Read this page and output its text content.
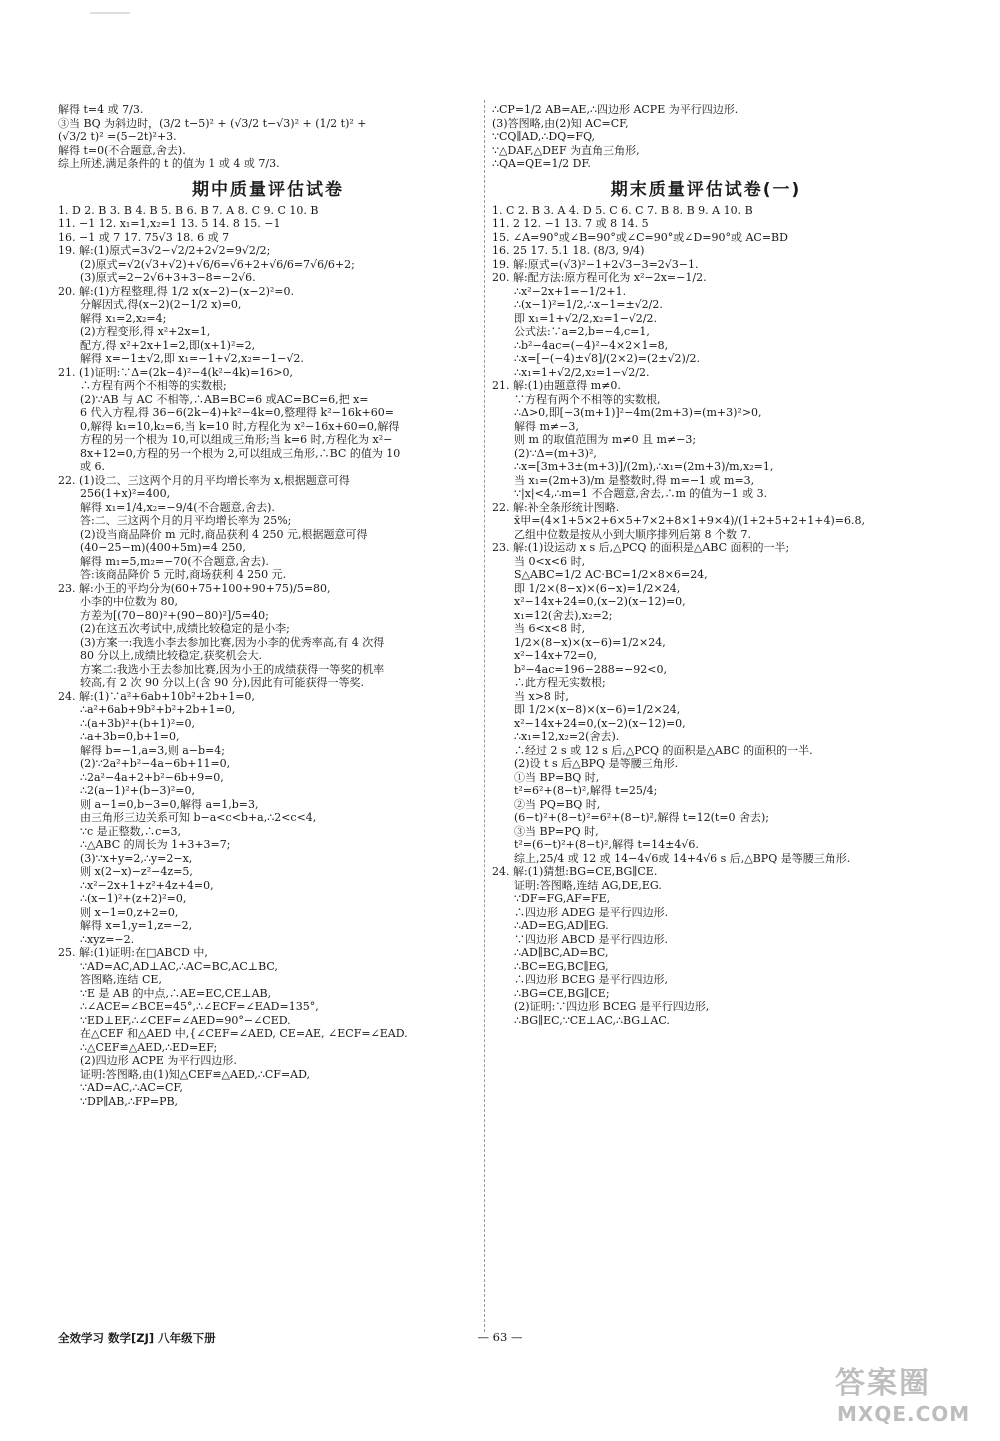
解得 t=4 或 7/3.
③当 BQ 为斜边时，(3/2 t−5)² + (√3/2 t−√3)² + (1/2 t)² +
(√3/2 t)² =(5−2t)²+3.
解得 t=0(不合题意,舍去).
综上所述,满足条件的 t 的值为 1 或 4 或 7/3.
期中质量评估试卷
1. D 2. B 3. B 4. B 5. B 6. B 7. A 8. C 9. C 10. B
11. −1 12. x₁=1,x₂=1 13. 5 14. 8 15. −1
16. −1 或 7 17. 75√3 18. 6 或 7
19. 解:(1)原式=3√2−√2/2+2√2=9√2/2;
(2)原式=√2(√3+√2)+√6/6=√6+2+√6/6=7√6/6+2;
(3)原式=2−2√6+3+3−8=−2√6.
20. 解:(1)方程整理,得 1/2 x(x−2)−(x−2)²=0.
分解因式,得(x−2)(2−1/2 x)=0,
解得 x₁=2,x₂=4;
(2)方程变形,得 x²+2x=1,
配方,得 x²+2x+1=2,即(x+1)²=2,
解得 x=−1±√2,即 x₁=−1+√2,x₂=−1−√2.
21. (1)证明:∵Δ=(2k−4)²−4(k²−4k)=16>0,
∴方程有两个不相等的实数根;
(2)∵AB 与 AC 不相等,∴AB=BC=6 或AC=BC=6,把 x=
6 代入方程,得 36−6(2k−4)+k²−4k=0,整理得 k²−16k+60=
0,解得 k₁=10,k₂=6,当 k=10 时,方程化为 x²−16x+60=0,解得
方程的另一个根为 10,可以组成三角形;当 k=6 时,方程化为 x²−
8x+12=0,方程的另一个根为 2,可以组成三角形,∴BC 的值为 10
或 6.
22. (1)设二、三这两个月的月平均增长率为 x,根据题意可得
256(1+x)²=400,
解得 x₁=1/4,x₂=−9/4(不合题意,舍去).
答:二、三这两个月的月平均增长率为 25%;
(2)设当商品降价 m 元时,商品获利 4 250 元,根据题意可得
(40−25−m)(400+5m)=4 250,
解得 m₁=5,m₂=−70(不合题意,舍去).
答:该商品降价 5 元时,商场获利 4 250 元.
23. 解:小王的平均分为(60+75+100+90+75)/5=80,
小李的中位数为 80,
方差为[(70−80)²+(90−80)²]/5=40;
(2)在这五次考试中,成绩比较稳定的是小李;
(3)方案一:我选小李去参加比赛,因为小李的优秀率高,有 4 次得
80 分以上,成绩比较稳定,获奖机会大.
方案二:我选小王去参加比赛,因为小王的成绩获得一等奖的机率
较高,有 2 次 90 分以上(含 90 分),因此有可能获得一等奖.
24. 解:(1)∵a²+6ab+10b²+2b+1=0,
∴a²+6ab+9b²+b²+2b+1=0,
∴(a+3b)²+(b+1)²=0,
∴a+3b=0,b+1=0,
解得 b=−1,a=3,则 a−b=4;
(2)∵2a²+b²−4a−6b+11=0,
∴2a²−4a+2+b²−6b+9=0,
∴2(a−1)²+(b−3)²=0,
则 a−1=0,b−3=0,解得 a=1,b=3,
由三角形三边关系可知 b−a<c<b+a,∴2<c<4,
∵c 是正整数,∴c=3,
∴△ABC 的周长为 1+3+3=7;
(3)∵x+y=2,∴y=2−x,
则 x(2−x)−z²−4z=5,
∴x²−2x+1+z²+4z+4=0,
∴(x−1)²+(z+2)²=0,
则 x−1=0,z+2=0,
解得 x=1,y=1,z=−2,
∴xyz=−2.
25. 解:(1)证明:在□ABCD 中,
∵AD=AC,AD⊥AC,∴AC=BC,AC⊥BC,
答图略,连结 CE,
∵E 是 AB 的中点,∴AE=EC,CE⊥AB,
∴∠ACE=∠BCE=45°,∴∠ECF=∠EAD=135°,
∵ED⊥EF,∴∠CEF=∠AED=90°−∠CED.
在△CEF 和△AED 中,{∠CEF=∠AED, CE=AE, ∠ECF=∠EAD.
∴△CEF≌△AED,∴ED=EF;
(2)四边形 ACPE 为平行四边形.
证明:答图略,由(1)知△CEF≌△AED,∴CF=AD,
∵AD=AC,∴AC=CF,
∵DP∥AB,∴FP=PB,
∴CP=1/2 AB=AE,∴四边形 ACPE 为平行四边形.
(3)答图略,由(2)知 AC=CF,
∵CQ∥AD,∴DQ=FQ,
∵△DAF,△DEF 为直角三角形,
∴QA=QE=1/2 DF.
期末质量评估试卷(一)
1. C 2. B 3. A 4. D 5. C 6. C 7. B 8. B 9. A 10. B
11. 2 12. −1 13. 7 或 8 14. 5
15. ∠A=90°或∠B=90°或∠C=90°或∠D=90°或 AC=BD
16. 25 17. 5.1 18. (8/3, 9/4)
19. 解:原式=(√3)²−1+2√3−3=2√3−1.
20. 解:配方法:原方程可化为 x²−2x=−1/2.
∴x²−2x+1=−1/2+1.
∴(x−1)²=1/2,∴x−1=±√2/2.
即 x₁=1+√2/2,x₂=1−√2/2.
公式法:∵a=2,b=−4,c=1,
∴b²−4ac=(−4)²−4×2×1=8,
∴x=[−(−4)±√8]/(2×2)=(2±√2)/2.
∴x₁=1+√2/2,x₂=1−√2/2.
21. 解:(1)由题意得 m≠0.
∵方程有两个不相等的实数根,
∴Δ>0,即[−3(m+1)]²−4m(2m+3)=(m+3)²>0,
解得 m≠−3,
则 m 的取值范围为 m≠0 且 m≠−3;
(2)∵Δ=(m+3)²,
∴x=[3m+3±(m+3)]/(2m),∴x₁=(2m+3)/m,x₂=1,
当 x₁=(2m+3)/m 是整数时,得 m=−1 或 m=3,
∵|x|<4,∴m=1 不合题意,舍去,∴m 的值为−1 或 3.
22. 解:补全条形统计图略.
x̄甲=(4×1+5×2+6×5+7×2+8×1+9×4)/(1+2+5+2+1+4)=6.8,
乙组中位数是按从小到大顺序排列后第 8 个数 7.
23. 解:(1)设运动 x s 后,△PCQ 的面积是△ABC 面积的一半;
当 0<x<6 时,
S△ABC=1/2 AC·BC=1/2×8×6=24,
即 1/2×(8−x)×(6−x)=1/2×24,
x²−14x+24=0,(x−2)(x−12)=0,
x₁=12(舍去),x₂=2;
当 6<x<8 时,
1/2×(8−x)×(x−6)=1/2×24,
x²−14x+72=0,
b²−4ac=196−288=−92<0,
∴此方程无实数根;
当 x>8 时,
即 1/2×(x−8)×(x−6)=1/2×24,
x²−14x+24=0,(x−2)(x−12)=0,
∴x₁=12,x₂=2(舍去).
∴经过 2 s 或 12 s 后,△PCQ 的面积是△ABC 的面积的一半.
(2)设 t s 后△BPQ 是等腰三角形.
①当 BP=BQ 时,
t²=6²+(8−t)²,解得 t=25/4;
②当 PQ=BQ 时,
(6−t)²+(8−t)²=6²+(8−t)²,解得 t=12(t=0 舍去);
③当 BP=PQ 时,
t²=(6−t)²+(8−t)²,解得 t=14±4√6.
综上,25/4 或 12 或 14−4√6或 14+4√6 s 后,△BPQ 是等腰三角形.
24. 解:(1)猜想:BG=CE,BG∥CE.
证明:答图略,连结 AG,DE,EG.
∵DF=FG,AF=FE,
∴四边形 ADEG 是平行四边形.
∴AD=EG,AD∥EG.
∵四边形 ABCD 是平行四边形.
∴AD∥BC,AD=BC,
∴BC=EG,BC∥EG,
∴四边形 BCEG 是平行四边形,
∴BG=CE,BG∥CE;
(2)证明:∵四边形 BCEG 是平行四边形,
∴BG∥EC,∵CE⊥AC,∴BG⊥AC.
全效学习 数学[ZJ] 八年级下册	— 63 —
答案圈
MXQE.COM
